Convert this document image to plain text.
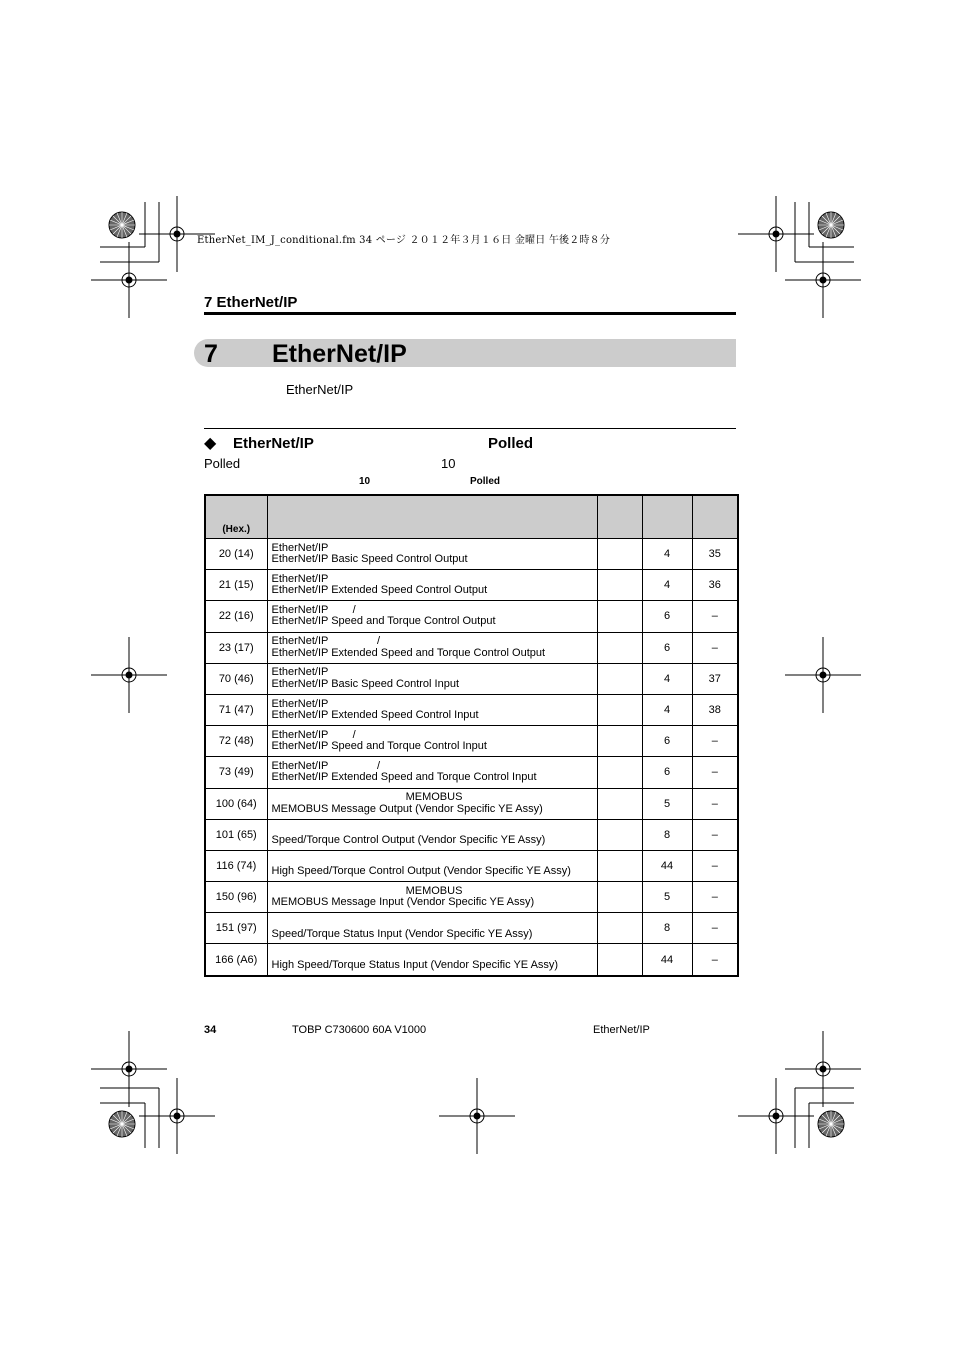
EtherNet_IM_J_conditional.fm 34 ページ ２０１２年３月１６日 金曜日 午後２時８分
7 EtherNet/IP
7 EtherNet/IP
EtherNet/IP
◆ EtherNet/IP	Polled
Polled	10
10	Polled
(Hex.)				
20 (14)	EtherNet/IP
EtherNet/IP Basic Speed Control Output		4	35
21 (15)	EtherNet/IP
EtherNet/IP Extended Speed Control Output		4	36
22 (16)	EtherNet/IP        /
EtherNet/IP Speed and Torque Control Output		6	–
23 (17)	EtherNet/IP                /
EtherNet/IP Extended Speed and Torque Control Output		6	–
70 (46)	EtherNet/IP
EtherNet/IP Basic Speed Control Input		4	37
71 (47)	EtherNet/IP
EtherNet/IP Extended Speed Control Input		4	38
72 (48)	EtherNet/IP        /
EtherNet/IP Speed and Torque Control Input		6	–
73 (49)	EtherNet/IP                /
EtherNet/IP Extended Speed and Torque Control Input		6	–
100 (64)	MEMOBUS
MEMOBUS Message Output (Vendor Specific YE Assy)		5	–
101 (65)	Speed/Torque Control Output (Vendor Specific YE Assy)		8	–
116 (74)	High Speed/Torque Control Output (Vendor Specific YE Assy)		44	–
150 (96)	MEMOBUS
MEMOBUS Message Input (Vendor Specific YE Assy)		5	–
151 (97)	Speed/Torque Status Input (Vendor Specific YE Assy)		8	–
166 (A6)	High Speed/Torque Status Input (Vendor Specific YE Assy)		44	–
34	TOBP C730600 60A V1000	EtherNet/IP
